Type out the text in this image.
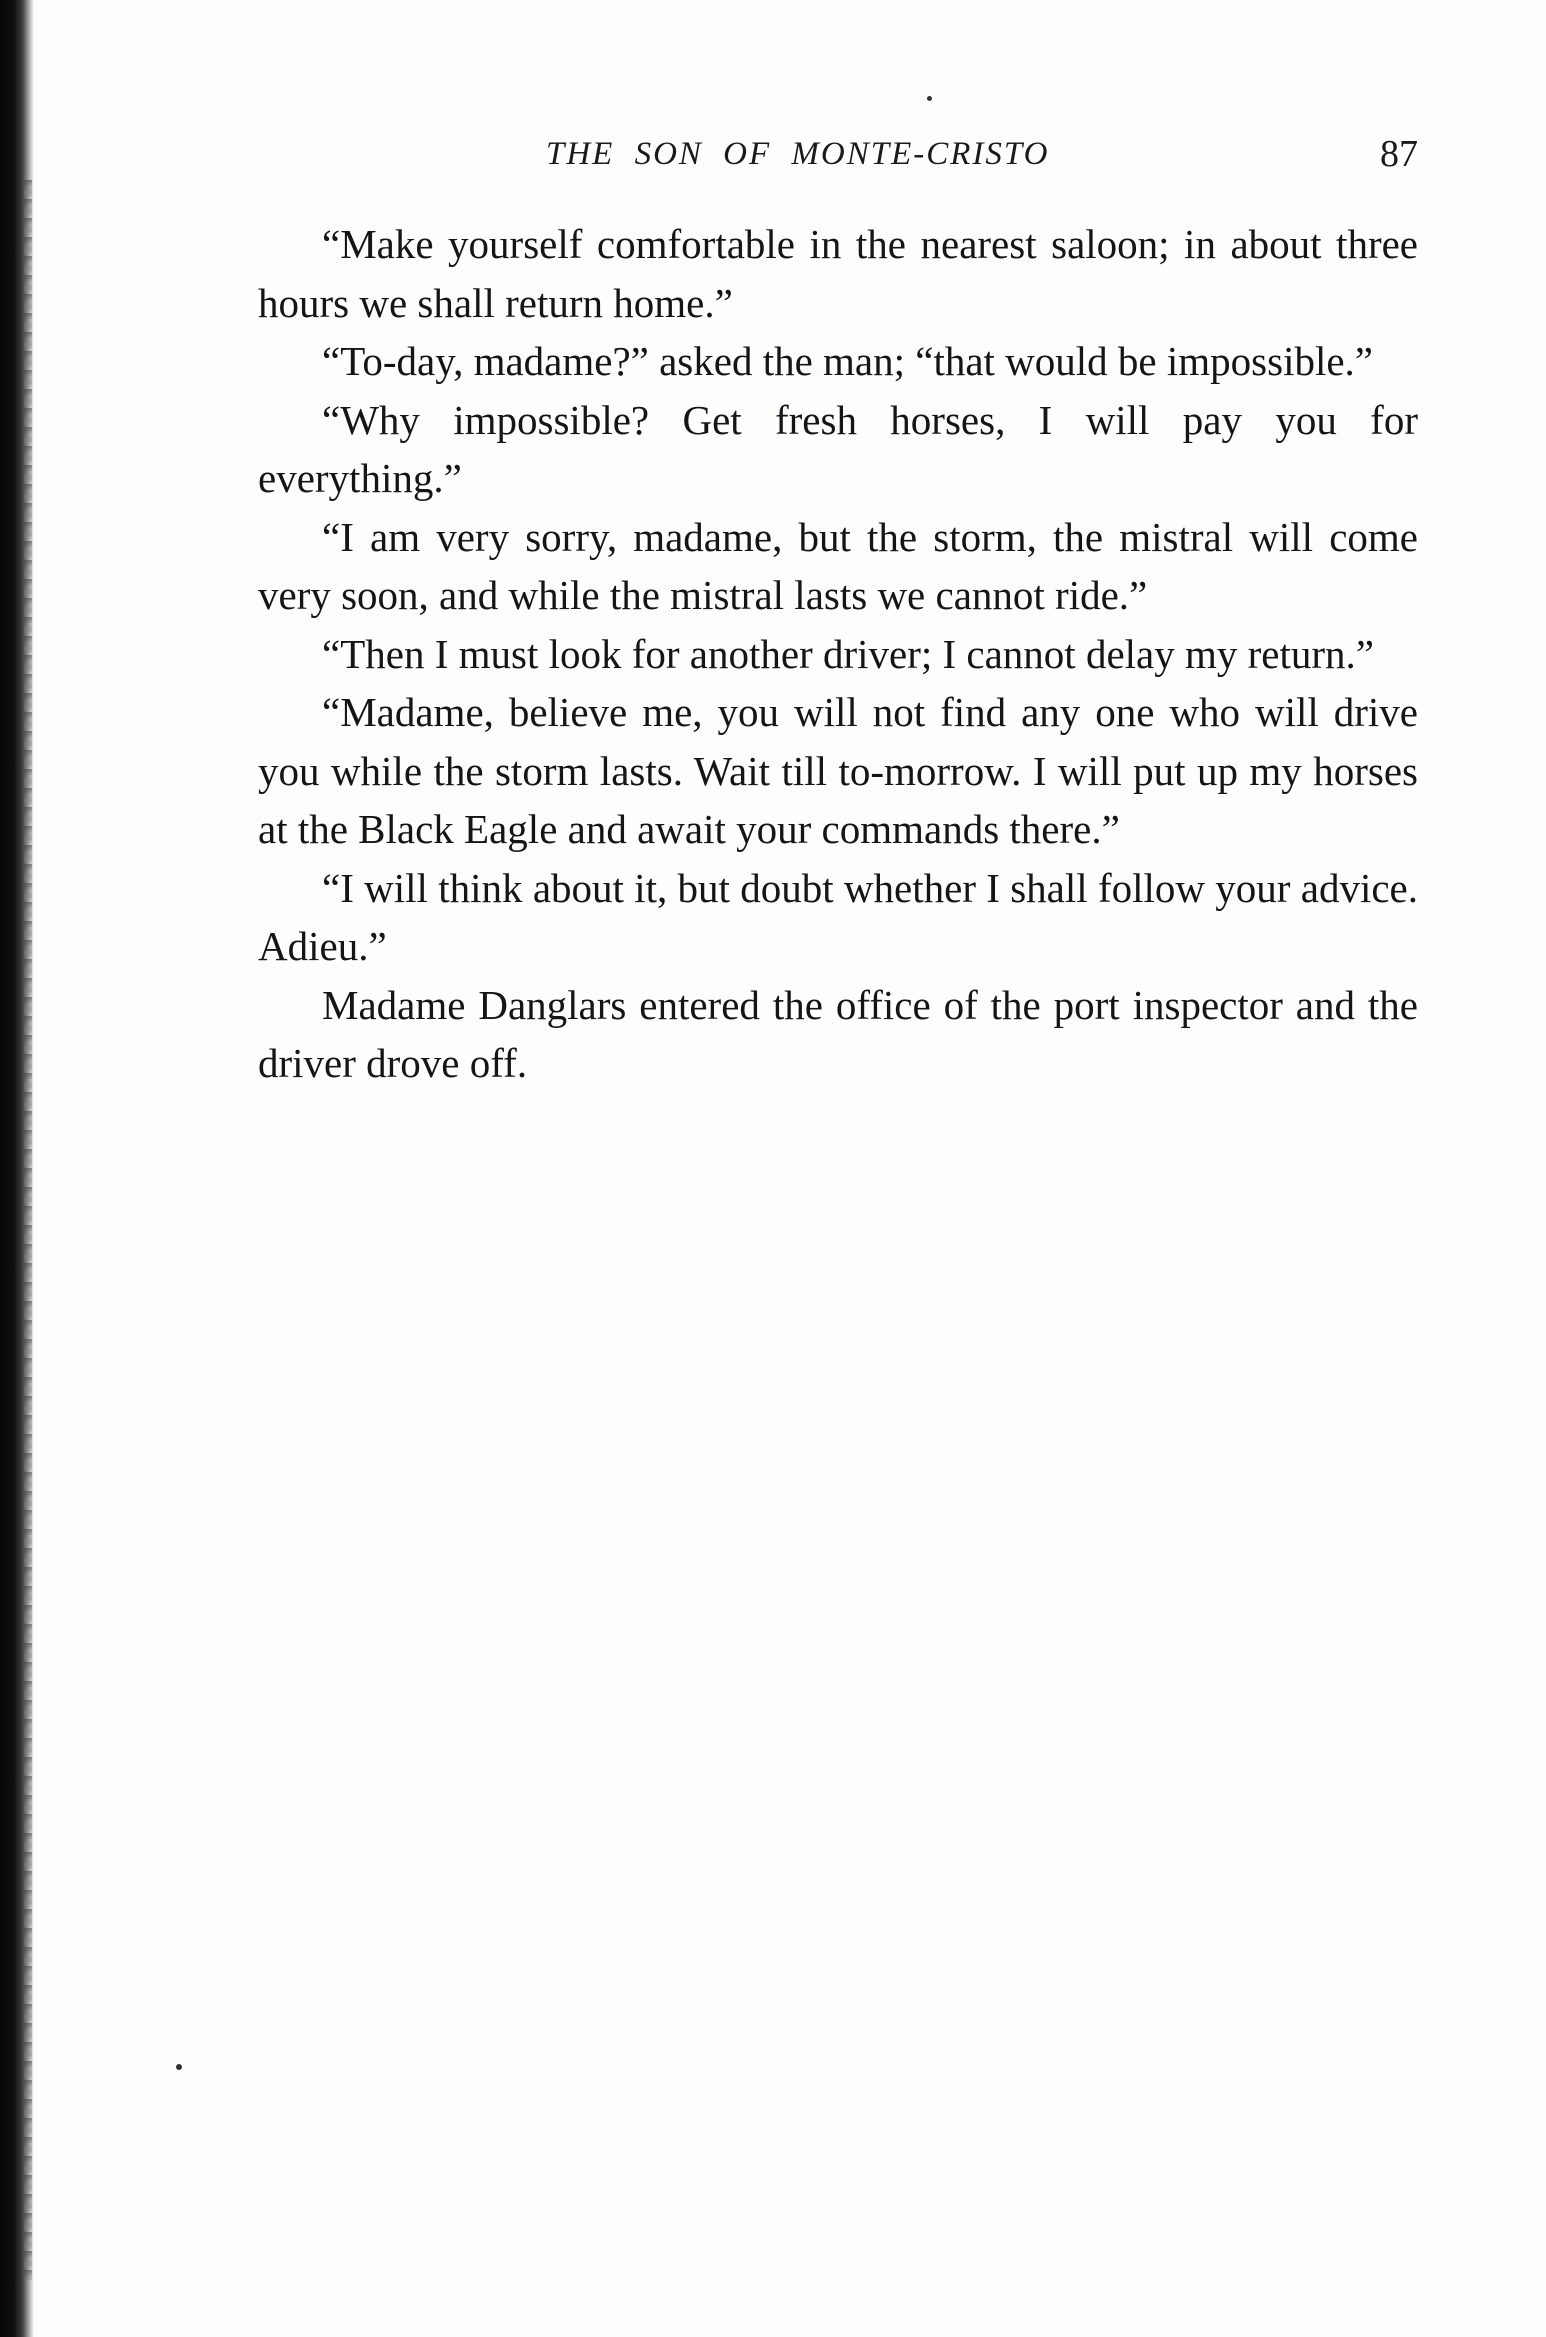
THE SON OF MONTE-CRISTO	87

“Make yourself comfortable in the nearest saloon; in about three hours we shall return home.”

“To-day, madame?” asked the man; “that would be impossible.”

“Why impossible? Get fresh horses, I will pay you for everything.”

“I am very sorry, madame, but the storm, the mistral will come very soon, and while the mistral lasts we cannot ride.”

“Then I must look for another driver; I cannot delay my return.”

“Madame, believe me, you will not find any one who will drive you while the storm lasts. Wait till to-morrow. I will put up my horses at the Black Eagle and await your commands there.”

“I will think about it, but doubt whether I shall follow your advice. Adieu.”

Madame Danglars entered the office of the port inspector and the driver drove off.
